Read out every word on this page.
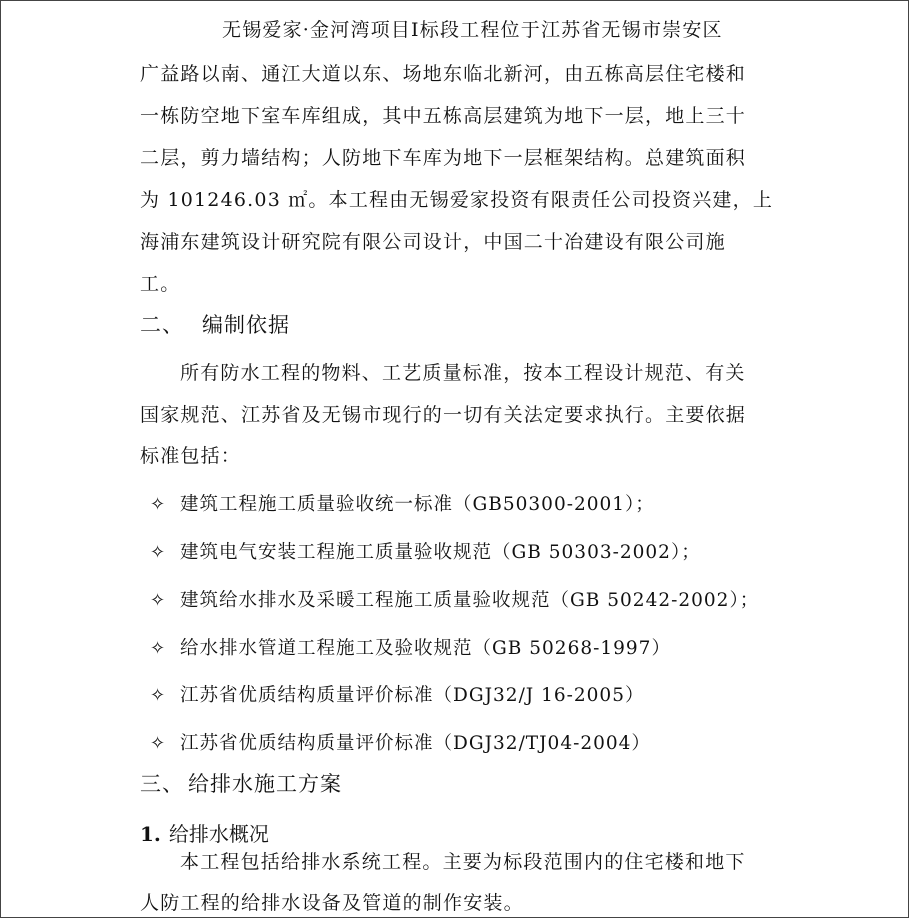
无锡爱家·金河湾项目Ⅰ标段工程位于江苏省无锡市崇安区
广益路以南、通江大道以东、场地东临北新河，由五栋高层住宅楼和
一栋防空地下室车库组成，其中五栋高层建筑为地下一层，地上三十
二层，剪力墙结构；人防地下车库为地下一层框架结构。总建筑面积
为 101246.03 ㎡。本工程由无锡爱家投资有限责任公司投资兴建，上
海浦东建筑设计研究院有限公司设计，中国二十冶建设有限公司施
工。
二、 编制依据
所有防水工程的物料、工艺质量标准，按本工程设计规范、有关
国家规范、江苏省及无锡市现行的一切有关法定要求执行。主要依据
标准包括：
✧ 建筑工程施工质量验收统一标准（GB50300-2001）；
✧ 建筑电气安装工程施工质量验收规范（GB 50303-2002）；
✧ 建筑给水排水及采暖工程施工质量验收规范（GB 50242-2002）；
✧ 给水排水管道工程施工及验收规范（GB 50268-1997）
✧ 江苏省优质结构质量评价标准（DGJ32/J 16-2005）
✧ 江苏省优质结构质量评价标准（DGJ32/TJ04-2004）
三、 给排水施工方案
1. 给排水概况
本工程包括给排水系统工程。主要为标段范围内的住宅楼和地下
人防工程的给排水设备及管道的制作安装。
